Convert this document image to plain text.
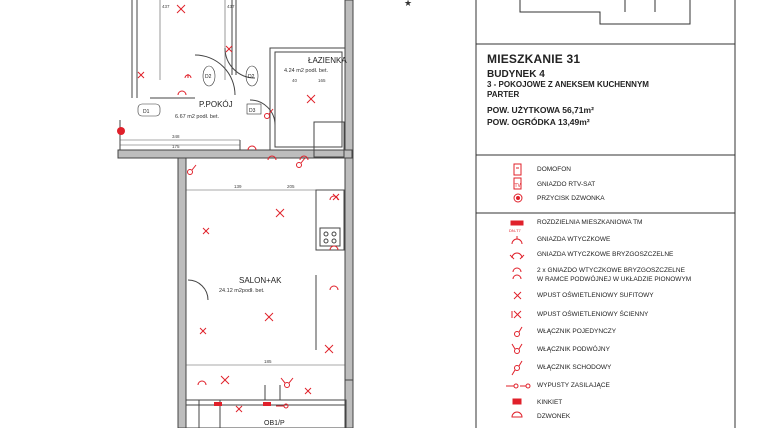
★
348
175
139	205
165
40
185
437	437
ŁAZIENKA
4.24 m2 podł. bet.
P.POKÓJ
6.67 m2 podł. bet.
SALON+AK
24.12 m2podł. bet.
OB1/P
D2	D2
D3
D1
TV
DN-T7
MIESZKANIE 31
BUDYNEK 4
3 - POKOJOWE Z ANEKSEM KUCHENNYM
PARTER
POW. UŻYTKOWA 56,71m²
POW. OGRÓDKA 13,49m²
DOMOFON
GNIAZDO RTV-SAT
PRZYCISK DZWONKA
ROZDZIELNIA MIESZKANIOWA TM
GNIAZDA WTYCZKOWE
GNIAZDA WTYCZKOWE BRYZGOSZCZELNE
2 x GNIAZDO WTYCZKOWE BRYZGOSZCZELNE
W RAMCE PODWÓJNEJ W UKŁADZIE PIONOWYM
WPUST OŚWIETLENIOWY SUFITOWY
WPUST OŚWIETLENIOWY ŚCIENNY
WŁĄCZNIK POJEDYNCZY
WŁĄCZNIK PODWÓJNY
WŁĄCZNIK SCHODOWY
WYPUSTY ZASILAJĄCE
KINKIET
DZWONEK
